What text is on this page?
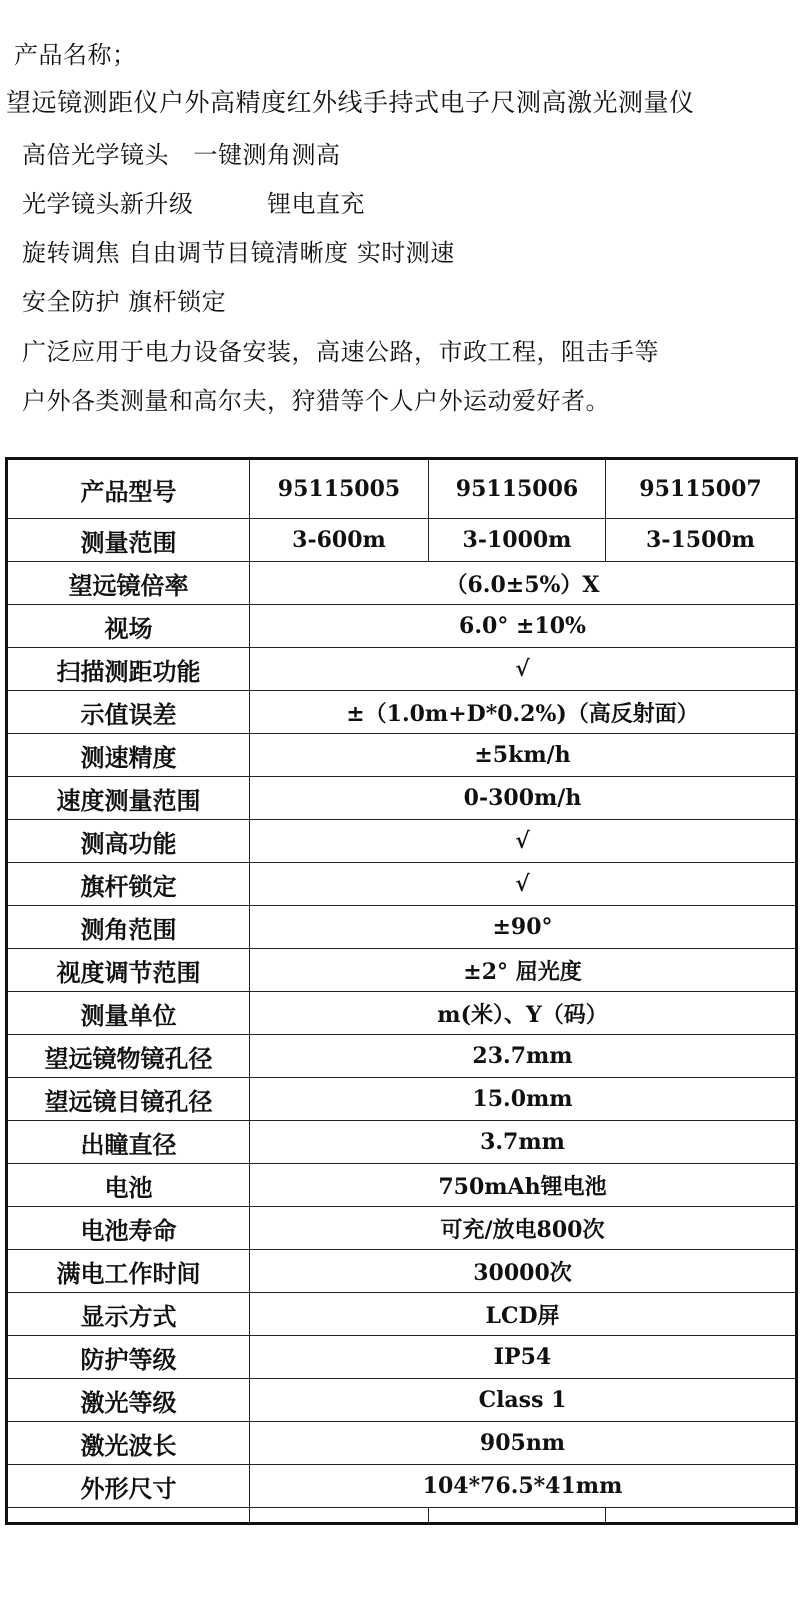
产品名称；
望远镜测距仪户外高精度红外线手持式电子尺测高激光测量仪
高倍光学镜头　一键测角测高
光学镜头新升级　　　锂电直充
旋转调焦 自由调节目镜清晰度 实时测速
安全防护 旗杆锁定
广泛应用于电力设备安装，高速公路，市政工程，阻击手等
户外各类测量和高尔夫，狩猎等个人户外运动爱好者。
产品型号	95115005	95115006	95115007
测量范围	3-600m	3-1000m	3-1500m
望远镜倍率	（6.0±5%）X		
视场	6.0° ±10%		
扫描测距功能	√		
示值误差	±（1.0m+D*0.2%)（高反射面）		
测速精度	±5km/h		
速度测量范围	0-300m/h		
测高功能	√		
旗杆锁定	√		
测角范围	±90°		
视度调节范围	±2° 屈光度		
测量单位	m(米）、Y（码）		
望远镜物镜孔径	23.7mm		
望远镜目镜孔径	15.0mm		
出瞳直径	3.7mm		
电池	750mAh锂电池		
电池寿命	可充/放电800次		
满电工作时间	30000次		
显示方式	LCD屏		
防护等级	IP54		
激光等级	Class 1		
激光波长	905nm		
外形尺寸	104*76.5*41mm		
